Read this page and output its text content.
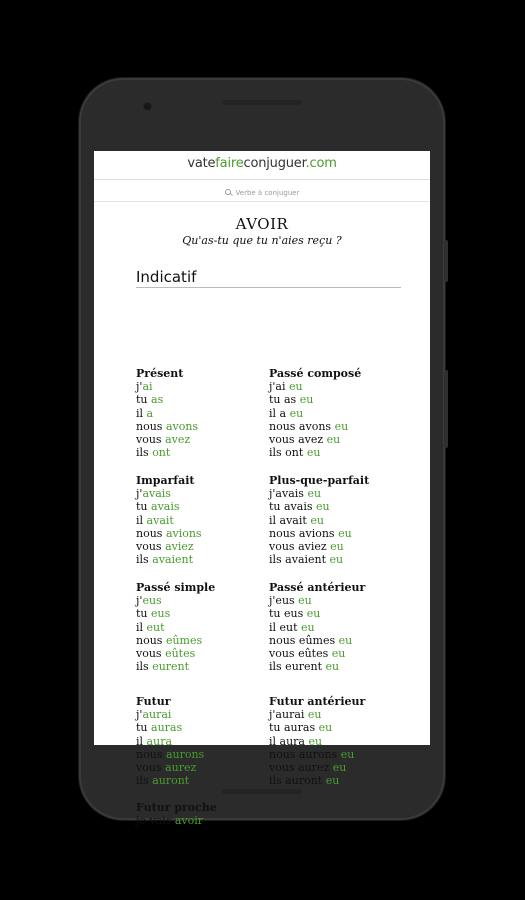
vatefaireconjuguer.com
Verbe à conjuguer
AVOIR
Qu'as-tu que tu n'aies reçu ?
Indicatif
Présent
j'ai
tu as
il a
nous avons
vous avez
ils ont
Passé composé
j'ai eu
tu as eu
il a eu
nous avons eu
vous avez eu
ils ont eu
Imparfait
j'avais
tu avais
il avait
nous avions
vous aviez
ils avaient
Plus-que-parfait
j'avais eu
tu avais eu
il avait eu
nous avions eu
vous aviez eu
ils avaient eu
Passé simple
j'eus
tu eus
il eut
nous eûmes
vous eûtes
ils eurent
Passé antérieur
j'eus eu
tu eus eu
il eut eu
nous eûmes eu
vous eûtes eu
ils eurent eu
Futur
j'aurai
tu auras
il aura
nous aurons
vous aurez
ils auront
Futur antérieur
j'aurai eu
tu auras eu
il aura eu
nous aurons eu
vous aurez eu
ils auront eu
Futur proche
je vais avoir
